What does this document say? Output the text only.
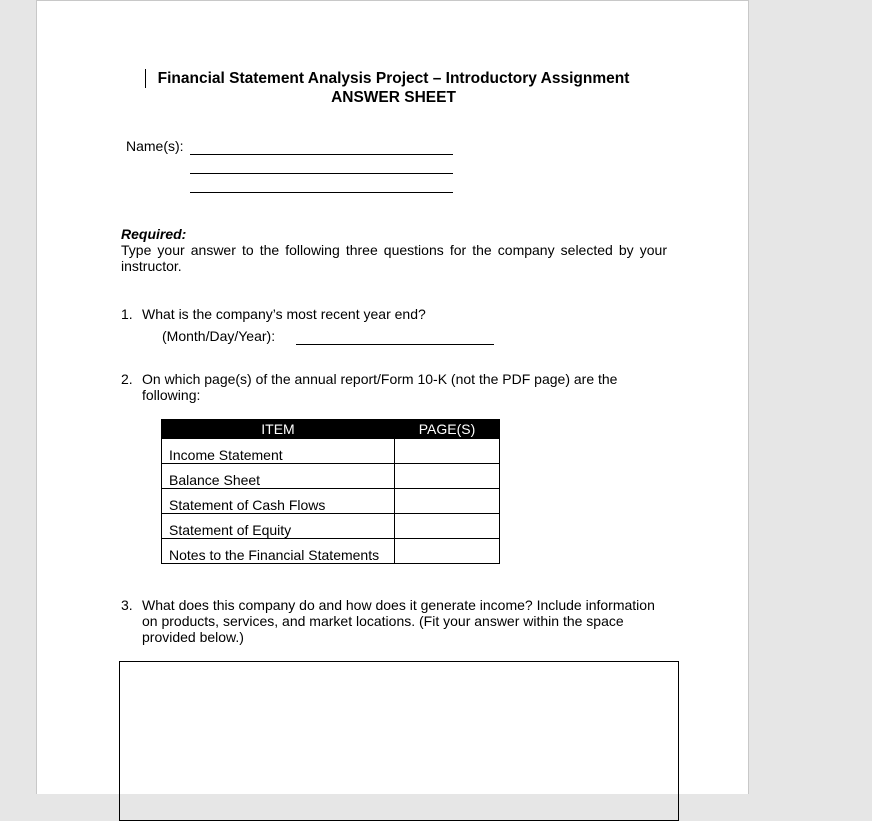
Financial Statement Analysis Project – Introductory Assignment
ANSWER SHEET
Name(s):
Required:
Type your answer to the following three questions for the company selected by your instructor.
1. What is the company’s most recent year end?
(Month/Day/Year):
2. On which page(s) of the annual report/Form 10-K (not the PDF page) are the following:
ITEM	PAGE(S)
Income Statement	
Balance Sheet	
Statement of Cash Flows	
Statement of Equity	
Notes to the Financial Statements	
3. What does this company do and how does it generate income? Include information on products, services, and market locations. (Fit your answer within the space provided below.)
